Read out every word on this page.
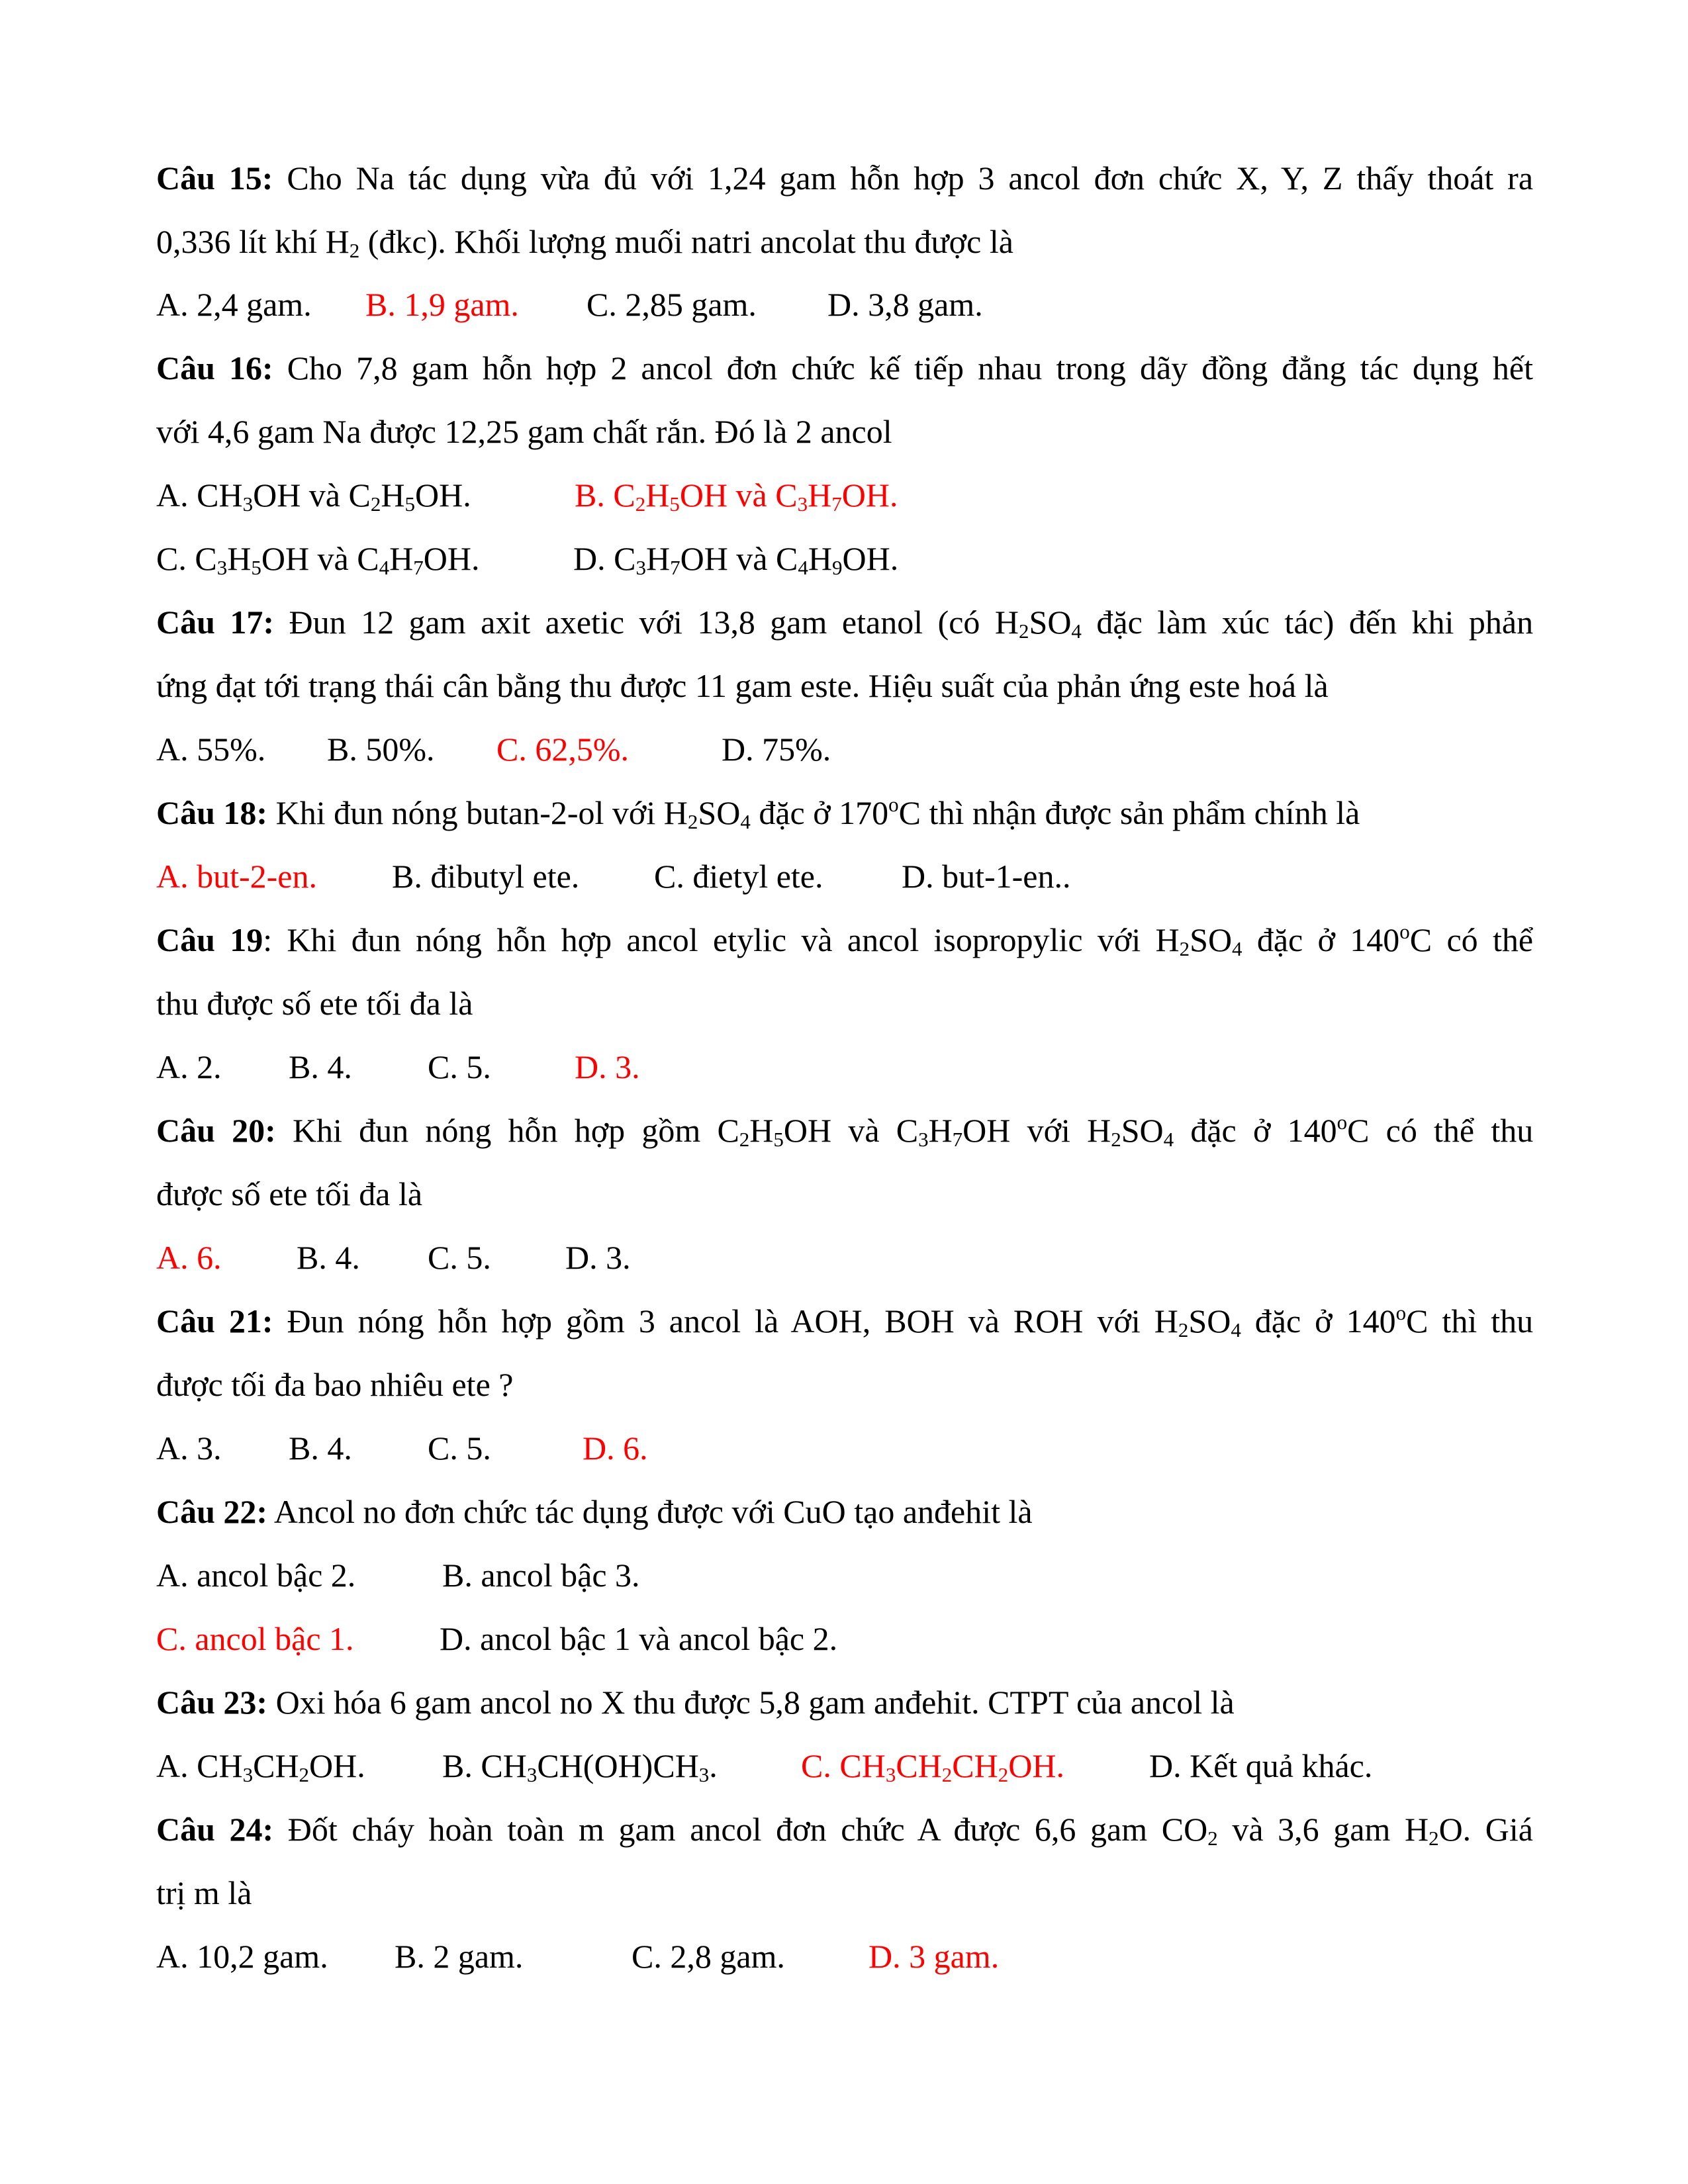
Câu 15: Cho Na tác dụng vừa đủ với 1,24 gam hỗn hợp 3 ancol đơn chức X, Y, Z thấy thoát ra
0,336 lít khí $H_2$ (đkc). Khối lượng muối natri ancolat thu được là
A. 2,4 gam. B. 1,9 gam. C. 2,85 gam. D. 3,8 gam.
Câu 16: Cho 7,8 gam hỗn hợp 2 ancol đơn chức kế tiếp nhau trong dãy đồng đẳng tác dụng hết
với 4,6 gam Na được 12,25 gam chất rắn. Đó là 2 ancol
A. $CH_3OH$ và $C_2H_5OH$.	B. $C_2H_5OH$ và $C_3H_7OH$.
C. $C_3H_5OH$ và $C_4H_7OH$.	D. $C_3H_7OH$ và $C_4H_9OH$.
Câu 17: Đun 12 gam axit axetic với 13,8 gam etanol (có $H_2SO_4$ đặc làm xúc tác) đến khi phản
ứng đạt tới trạng thái cân bằng thu được 11 gam este. Hiệu suất của phản ứng este hoá là
A. 55%. B. 50%. C. 62,5%.	D. 75%.
Câu 18: Khi đun nóng butan-2-ol với $H_2SO_4$ đặc ở 170$^o$C thì nhận được sản phẩm chính là
A. but-2-en. B. đibutyl ete. C. đietyl ete. D. but-1-en..
Câu 19: Khi đun nóng hỗn hợp ancol etylic và ancol isopropylic với $H_2SO_4$ đặc ở 140$^o$C có thể
thu được số ete tối đa là
A. 2. B. 4. C. 5.	D. 3.
Câu 20: Khi đun nóng hỗn hợp gồm $C_2H_5OH$ và $C_3H_7OH$ với $H_2SO_4$ đặc ở 140$^o$C có thể thu
được số ete tối đa là
A. 6. B. 4. C. 5. D. 3.
Câu 21: Đun nóng hỗn hợp gồm 3 ancol là AOH, BOH và ROH với $H_2SO_4$ đặc ở 140$^o$C thì thu
được tối đa bao nhiêu ete ?
A. 3. B. 4. C. 5.	D. 6.
Câu 22: Ancol no đơn chức tác dụng được với CuO tạo anđehit là
A. ancol bậc 2.	B. ancol bậc 3.
C. ancol bậc 1.	D. ancol bậc 1 và ancol bậc 2.
Câu 23: Oxi hóa 6 gam ancol no X thu được 5,8 gam anđehit. CTPT của ancol là
A. $CH_3CH_2OH$. B. $CH_3CH(OH)CH_3$.	C. $CH_3CH_2CH_2OH$.	D. Kết quả khác.
Câu 24: Đốt cháy hoàn toàn m gam ancol đơn chức A được 6,6 gam $CO_2$ và 3,6 gam $H_2O$. Giá
trị m là
A. 10,2 gam. B. 2 gam.	C. 2,8 gam.	D. 3 gam.
